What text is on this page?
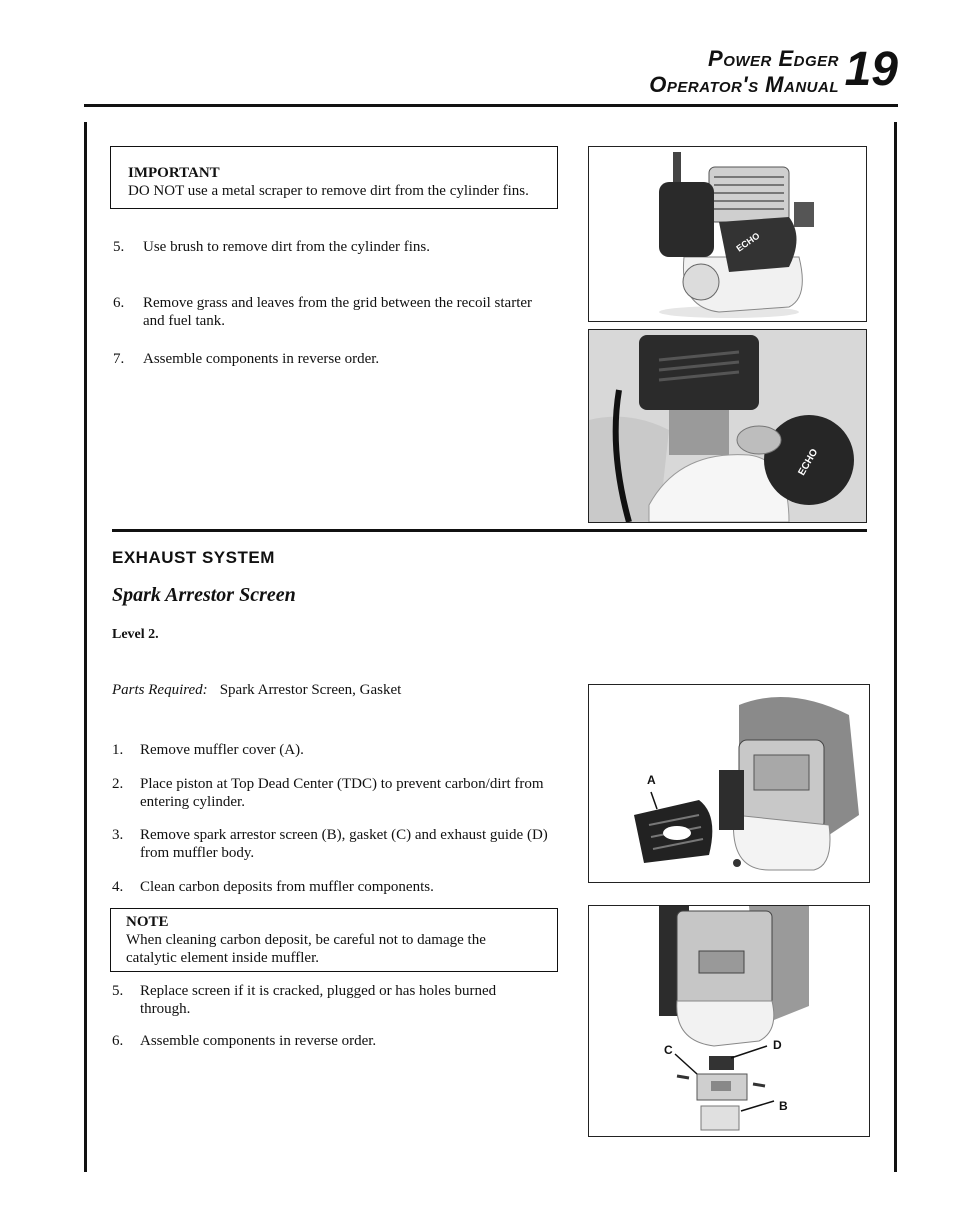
Power Edger
Operator's Manual 19
IMPORTANT
DO NOT use a metal scraper to remove dirt from the cylinder fins.
5.	Use brush to remove dirt from the cylinder fins.
6.	Remove grass and leaves from the grid between the recoil starter and fuel tank.
7.	Assemble components in reverse order.
ECHO
ECHO
EXHAUST SYSTEM
Spark Arrestor Screen
Level 2.
Parts Required: Spark Arrestor Screen, Gasket
1.	Remove muffler cover (A).
2.	Place piston at Top Dead Center (TDC) to prevent carbon/dirt from entering cylinder.
3.	Remove spark arrestor screen (B), gasket (C) and exhaust guide (D) from muffler body.
4.	Clean carbon deposits from muffler components.
NOTE
When cleaning carbon deposit, be careful not to damage the catalytic element inside muffler.
5.	Replace screen if it is cracked, plugged or has holes burned through.
6.	Assemble components in reverse order.
A
C	D
B
